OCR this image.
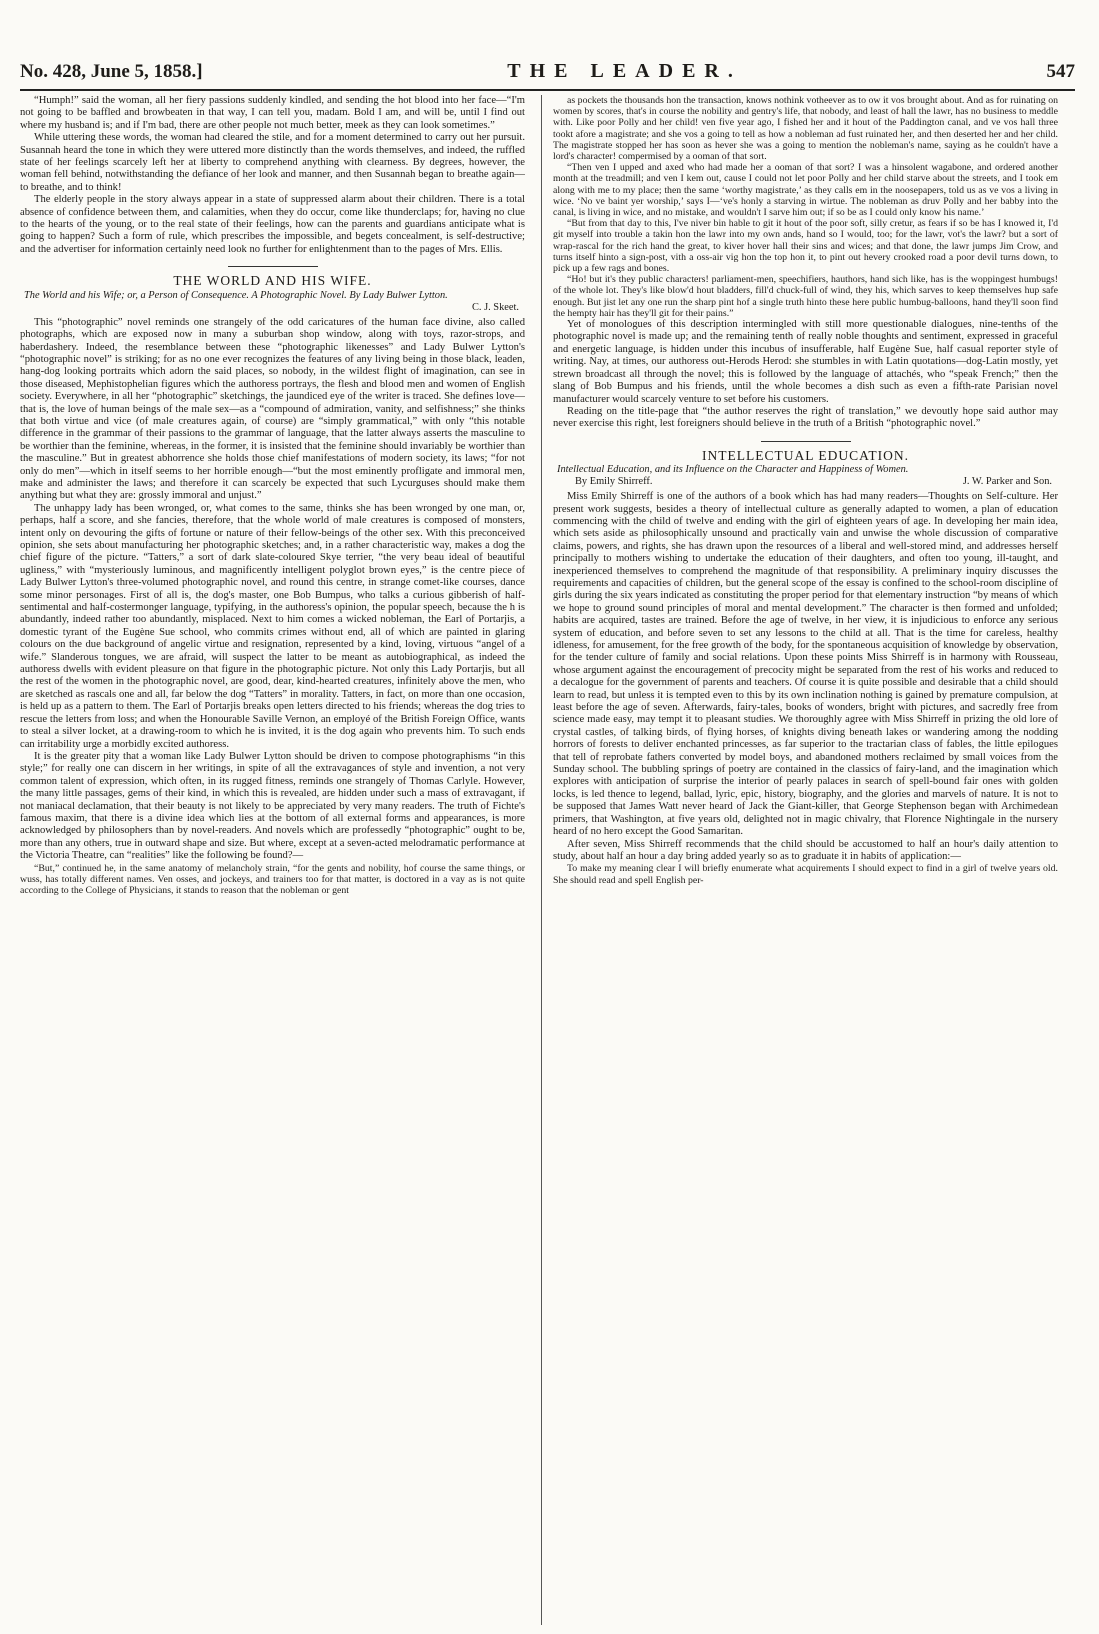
No. 428, June 5, 1858.]	THE LEADER.	547

“Humph!” said the woman, all her fiery passions suddenly kindled, and sending the hot blood into her face—“I'm not going to be baffled and browbeaten in that way, I can tell you, madam. Bold I am, and will be, until I find out where my husband is; and if I'm bad, there are other people not much better, meek as they can look sometimes.”

While uttering these words, the woman had cleared the stile, and for a moment determined to carry out her pursuit. Susannah heard the tone in which they were uttered more distinctly than the words themselves, and indeed, the ruffled state of her feelings scarcely left her at liberty to comprehend anything with clearness. By degrees, however, the woman fell behind, notwithstanding the defiance of her look and manner, and then Susannah began to breathe again—to breathe, and to think!

The elderly people in the story always appear in a state of suppressed alarm about their children. There is a total absence of confidence between them, and calamities, when they do occur, come like thunderclaps; for, having no clue to the hearts of the young, or to the real state of their feelings, how can the parents and guardians anticipate what is going to happen? Such a form of rule, which prescribes the impossible, and begets concealment, is self-destructive; and the advertiser for information certainly need look no further for enlightenment than to the pages of Mrs. Ellis.

THE WORLD AND HIS WIFE.
The World and his Wife; or, a Person of Consequence. A Photographic Novel. By Lady Bulwer Lytton.
C. J. Skeet.

This “photographic” novel reminds one strangely of the odd caricatures of the human face divine, also called photographs, which are exposed now in many a suburban shop window, along with toys, razor-strops, and haberdashery. Indeed, the resemblance between these “photographic likenesses” and Lady Bulwer Lytton's “photographic novel” is striking; for as no one ever recognizes the features of any living being in those black, leaden, hang-dog looking portraits which adorn the said places, so nobody, in the wildest flight of imagination, can see in those diseased, Mephistophelian figures which the authoress portrays, the flesh and blood men and women of English society. Everywhere, in all her “photographic” sketchings, the jaundiced eye of the writer is traced. She defines love—that is, the love of human beings of the male sex—as a “compound of admiration, vanity, and selfishness;” she thinks that both virtue and vice (of male creatures again, of course) are “simply grammatical,” with only “this notable difference in the grammar of their passions to the grammar of language, that the latter always asserts the masculine to be worthier than the feminine, whereas, in the former, it is insisted that the feminine should invariably be worthier than the masculine.” But in greatest abhorrence she holds those chief manifestations of modern society, its laws; “for not only do men”—which in itself seems to her horrible enough—“but the most eminently profligate and immoral men, make and administer the laws; and therefore it can scarcely be expected that such Lycurguses should make them anything but what they are: grossly immoral and unjust.”

The unhappy lady has been wronged, or, what comes to the same, thinks she has been wronged by one man, or, perhaps, half a score, and she fancies, therefore, that the whole world of male creatures is composed of monsters, intent only on devouring the gifts of fortune or nature of their fellow-beings of the other sex. With this preconceived opinion, she sets about manufacturing her photographic sketches; and, in a rather characteristic way, makes a dog the chief figure of the picture. “Tatters,” a sort of dark slate-coloured Skye terrier, “the very beau ideal of beautiful ugliness,” with “mysteriously luminous, and magnificently intelligent polyglot brown eyes,” is the centre piece of Lady Bulwer Lytton's three-volumed photographic novel, and round this centre, in strange comet-like courses, dance some minor personages. First of all is, the dog's master, one Bob Bumpus, who talks a curious gibberish of half-sentimental and half-costermonger language, typifying, in the authoress's opinion, the popular speech, because the h is abundantly, indeed rather too abundantly, misplaced. Next to him comes a wicked nobleman, the Earl of Portarjis, a domestic tyrant of the Eugène Sue school, who commits crimes without end, all of which are painted in glaring colours on the due background of angelic virtue and resignation, represented by a kind, loving, virtuous “angel of a wife.” Slanderous tongues, we are afraid, will suspect the latter to be meant as autobiographical, as indeed the authoress dwells with evident pleasure on that figure in the photographic picture. Not only this Lady Portarjis, but all the rest of the women in the photographic novel, are good, dear, kind-hearted creatures, infinitely above the men, who are sketched as rascals one and all, far below the dog “Tatters” in morality. Tatters, in fact, on more than one occasion, is held up as a pattern to them. The Earl of Portarjis breaks open letters directed to his friends; whereas the dog tries to rescue the letters from loss; and when the Honourable Saville Vernon, an employé of the British Foreign Office, wants to steal a silver locket, at a drawing-room to which he is invited, it is the dog again who prevents him. To such ends can irritability urge a morbidly excited authoress.

It is the greater pity that a woman like Lady Bulwer Lytton should be driven to compose photographisms “in this style;” for really one can discern in her writings, in spite of all the extravagances of style and invention, a not very common talent of expression, which often, in its rugged fitness, reminds one strangely of Thomas Carlyle. However, the many little passages, gems of their kind, in which this is revealed, are hidden under such a mass of extravagant, if not maniacal declamation, that their beauty is not likely to be appreciated by very many readers. The truth of Fichte's famous maxim, that there is a divine idea which lies at the bottom of all external forms and appearances, is more acknowledged by philosophers than by novel-readers. And novels which are professedly “photographic” ought to be, more than any others, true in outward shape and size. But where, except at a seven-acted melodramatic performance at the Victoria Theatre, can “realities” like the following be found?—

“But,” continued he, in the same anatomy of melancholy strain, “for the gents and nobility, hof course the same things, or wuss, has totally different names. Ven osses, and jockeys, and trainers too for that matter, is doctored in a vay as is not quite according to the College of Physicians, it stands to reason that the nobleman or gent

as pockets the thousands hon the transaction, knows nothink votheever as to ow it vos brought about. And as for ruinating on women by scores, that's in course the nobility and gentry's life, that nobody, and least of hall the lawr, has no business to meddle with. Like poor Polly and her child! ven five year ago, I fished her and it hout of the Paddington canal, and ve vos hall three tookt afore a magistrate; and she vos a going to tell as how a nobleman ad fust ruinated her, and then deserted her and her child. The magistrate stopped her has soon as hever she was a going to mention the nobleman's name, saying as he couldn't have a lord's character! compermised by a ooman of that sort.

“Then ven I upped and axed who had made her a ooman of that sort? I was a hinsolent wagabone, and ordered another month at the treadmill; and ven I kem out, cause I could not let poor Polly and her child starve about the streets, and I took em along with me to my place; then the same ‘worthy magistrate,’ as they calls em in the noosepapers, told us as ve vos a living in wice. ‘No ve baint yer worship,’ says I—‘ve's honly a starving in wirtue. The nobleman as druv Polly and her babby into the canal, is living in wice, and no mistake, and wouldn't I sarve him out; if so be as I could only know his name.’

“But from that day to this, I've niver bin hable to git it hout of the poor soft, silly cretur, as fears if so be has I knowed it, I'd git myself into trouble a takin hon the lawr into my own ands, hand so I would, too; for the lawr, vot's the lawr? but a sort of wrap-rascal for the rich hand the great, to kiver hover hall their sins and wices; and that done, the lawr jumps Jim Crow, and turns itself hinto a sign-post, vith a oss-air vig hon the top hon it, to pint out hevery crooked road a poor devil turns down, to pick up a few rags and bones.

“Ho! but it's they public characters! parliament-men, speechifiers, hauthors, hand sich like, has is the woppingest humbugs! of the whole lot. They's like blow'd hout bladders, fill'd chuck-full of wind, they his, which sarves to keep themselves hup safe enough. But jist let any one run the sharp pint hof a single truth hinto these here public humbug-balloons, hand they'll soon find the hempty hair has they'll git for their pains.”

Yet of monologues of this description intermingled with still more questionable dialogues, nine-tenths of the photographic novel is made up; and the remaining tenth of really noble thoughts and sentiment, expressed in graceful and energetic language, is hidden under this incubus of insufferable, half Eugène Sue, half casual reporter style of writing. Nay, at times, our authoress out-Herods Herod: she stumbles in with Latin quotations—dog-Latin mostly, yet strewn broadcast all through the novel; this is followed by the language of attachés, who “speak French;” then the slang of Bob Bumpus and his friends, until the whole becomes a dish such as even a fifth-rate Parisian novel manufacturer would scarcely venture to set before his customers.

Reading on the title-page that “the author reserves the right of translation,” we devoutly hope said author may never exercise this right, lest foreigners should believe in the truth of a British “photographic novel.”

INTELLECTUAL EDUCATION.
Intellectual Education, and its Influence on the Character and Happiness of Women.
By Emily Shirreff.	J. W. Parker and Son.

Miss Emily Shirreff is one of the authors of a book which has had many readers—Thoughts on Self-culture. Her present work suggests, besides a theory of intellectual culture as generally adapted to women, a plan of education commencing with the child of twelve and ending with the girl of eighteen years of age. In developing her main idea, which sets aside as philosophically unsound and practically vain and unwise the whole discussion of comparative claims, powers, and rights, she has drawn upon the resources of a liberal and well-stored mind, and addresses herself principally to mothers wishing to undertake the education of their daughters, and often too young, ill-taught, and inexperienced themselves to comprehend the magnitude of that responsibility. A preliminary inquiry discusses the requirements and capacities of children, but the general scope of the essay is confined to the school-room discipline of girls during the six years indicated as constituting the proper period for that elementary instruction “by means of which we hope to ground sound principles of moral and mental development.” The character is then formed and unfolded; habits are acquired, tastes are trained. Before the age of twelve, in her view, it is injudicious to enforce any serious system of education, and before seven to set any lessons to the child at all. That is the time for careless, healthy idleness, for amusement, for the free growth of the body, for the spontaneous acquisition of knowledge by observation, for the tender culture of family and social relations. Upon these points Miss Shirreff is in harmony with Rousseau, whose argument against the encouragement of precocity might be separated from the rest of his works and reduced to a decalogue for the government of parents and teachers. Of course it is quite possible and desirable that a child should learn to read, but unless it is tempted even to this by its own inclination nothing is gained by premature compulsion, at least before the age of seven. Afterwards, fairy-tales, books of wonders, bright with pictures, and sacredly free from science made easy, may tempt it to pleasant studies. We thoroughly agree with Miss Shirreff in prizing the old lore of crystal castles, of talking birds, of flying horses, of knights diving beneath lakes or wandering among the nodding horrors of forests to deliver enchanted princesses, as far superior to the tractarian class of fables, the little epilogues that tell of reprobate fathers converted by model boys, and abandoned mothers reclaimed by small voices from the Sunday school. The bubbling springs of poetry are contained in the classics of fairy-land, and the imagination which explores with anticipation of surprise the interior of pearly palaces in search of spell-bound fair ones with golden locks, is led thence to legend, ballad, lyric, epic, history, biography, and the glories and marvels of nature. It is not to be supposed that James Watt never heard of Jack the Giant-killer, that George Stephenson began with Archimedean primers, that Washington, at five years old, delighted not in magic chivalry, that Florence Nightingale in the nursery heard of no hero except the Good Samaritan.

After seven, Miss Shirreff recommends that the child should be accustomed to half an hour's daily attention to study, about half an hour a day bring added yearly so as to graduate it in habits of application:—

To make my meaning clear I will briefly enumerate what acquirements I should expect to find in a girl of twelve years old. She should read and spell English per-
